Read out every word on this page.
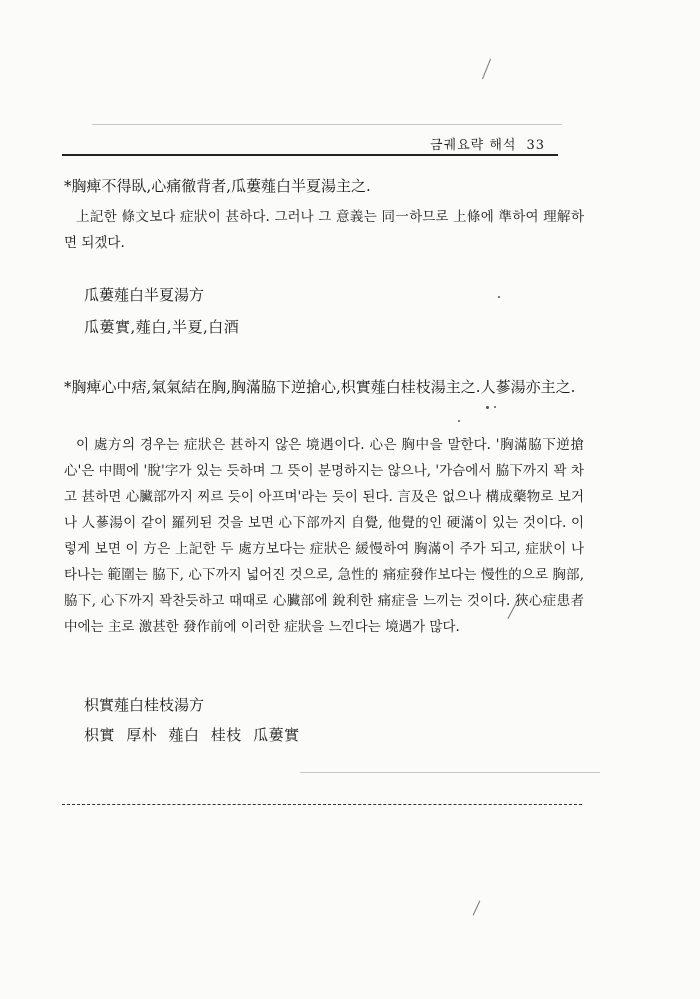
금궤요략 해석 33
*胸痺不得臥,心痛徹背者,瓜蔞薤白半夏湯主之.
上記한 條文보다 症狀이 甚하다. 그러나 그 意義는 同一하므로 上條에 準하여 理解하면 되겠다.
瓜蔞薤白半夏湯方
瓜蔞實,薤白,半夏,白酒
*胸痺心中痞,氣氣結在胸,胸滿脇下逆搶心,枳實薤白桂枝湯主之.人蔘湯亦主之.
이 處方의 경우는 症狀은 甚하지 않은 境遇이다. 心은 胸中을 말한다. '胸滿脇下逆搶心'은 中間에 '脫'字가 있는 듯하며 그 뜻이 분명하지는 않으나, '가슴에서 脇下까지 꽉 차고 甚하면 心臟部까지 찌르 듯이 아프며'라는 듯이 된다. 言及은 없으나 構成藥物로 보거나 人蔘湯이 같이 羅列된 것을 보면 心下部까지 自覺, 他覺的인 硬滿이 있는 것이다. 이렇게 보면 이 方은 上記한 두 處方보다는 症狀은 緩慢하여 胸滿이 주가 되고, 症狀이 나타나는 範圍는 脇下, 心下까지 넓어진 것으로, 急性的 痛症發作보다는 慢性的으로 胸部, 脇下, 心下까지 꽉찬듯하고 때때로 心臟部에 銳利한 痛症을 느끼는 것이다. 狹心症患者中에는 主로 激甚한 發作前에 이러한 症狀을 느낀다는 境遇가 많다.
枳實薤白桂枝湯方
枳實 厚朴 薤白 桂枝 瓜蔞實
